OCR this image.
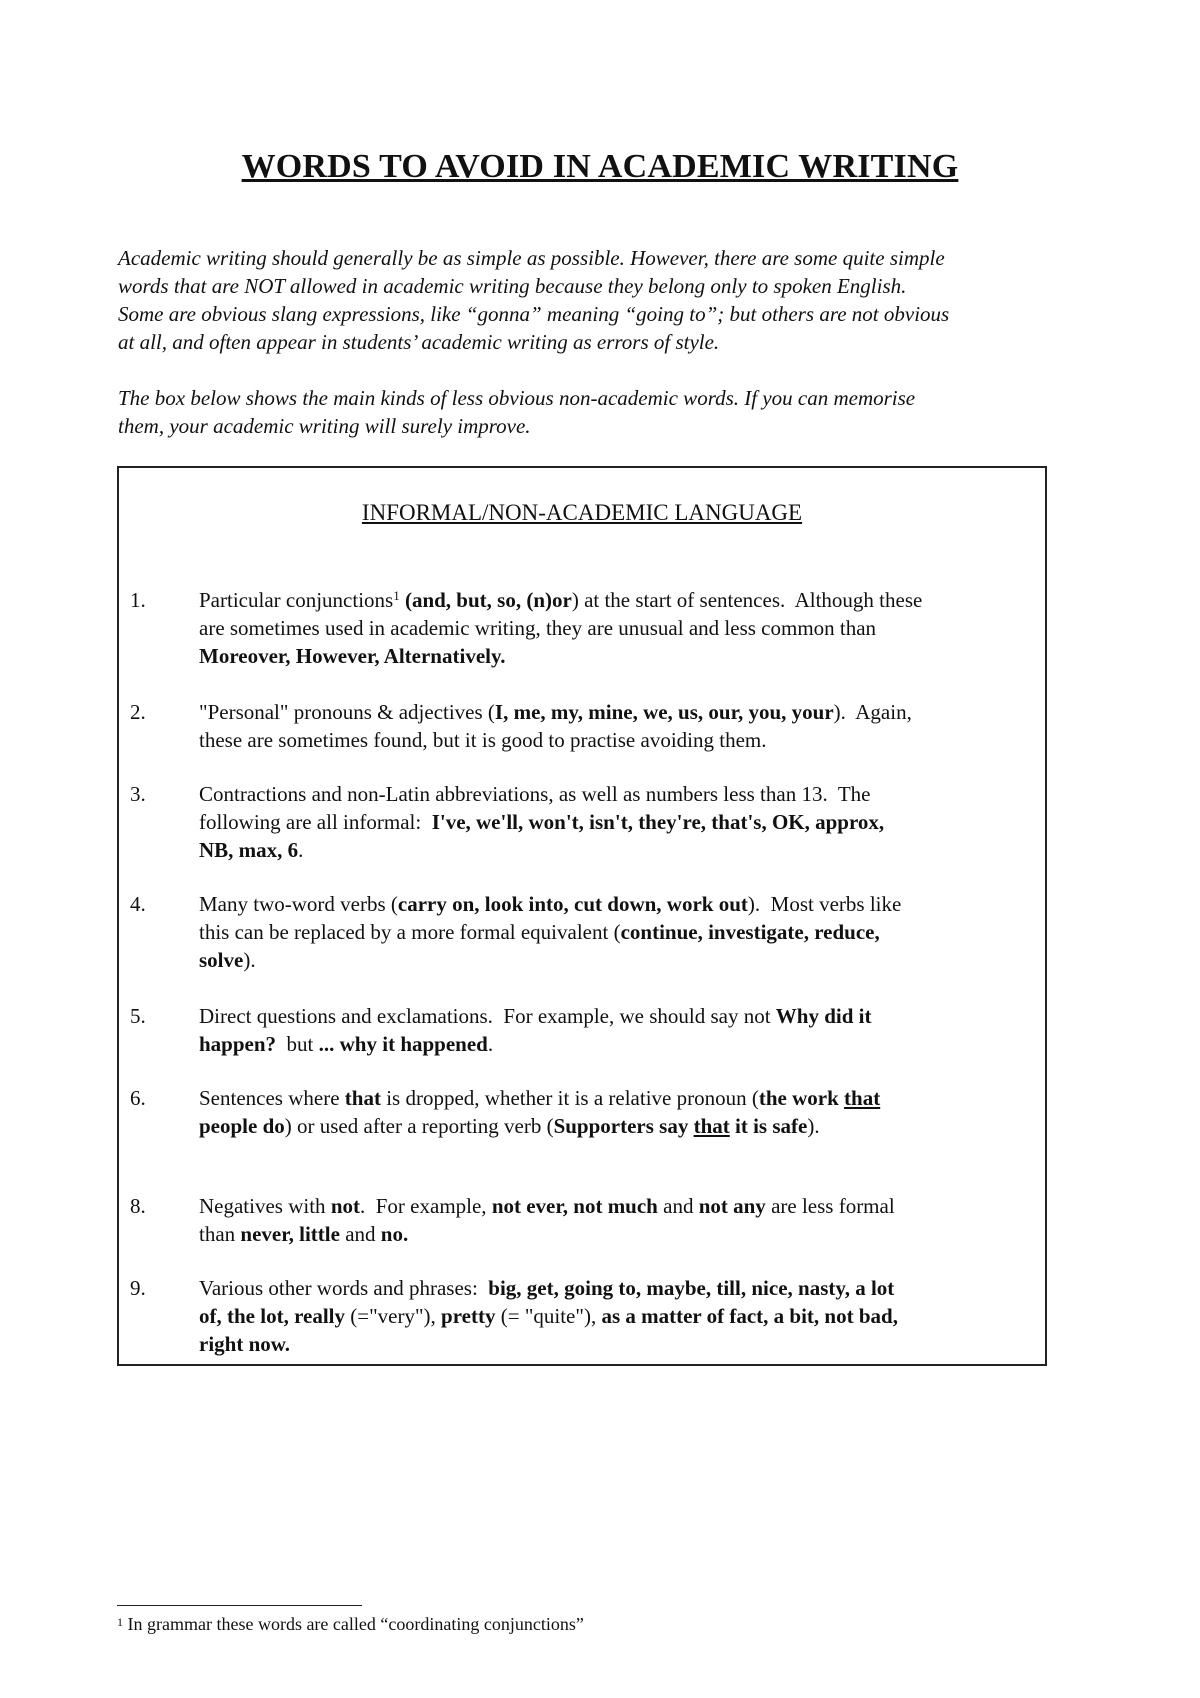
WORDS TO AVOID IN ACADEMIC WRITING
Academic writing should generally be as simple as possible. However, there are some quite simple
words that are NOT allowed in academic writing because they belong only to spoken English.
Some are obvious slang expressions, like “gonna” meaning “going to”; but others are not obvious
at all, and often appear in students’ academic writing as errors of style.
The box below shows the main kinds of less obvious non-academic words. If you can memorise
them, your academic writing will surely improve.
INFORMAL/NON-ACADEMIC LANGUAGE
1.	Particular conjunctions$^1$ (and, but, so, (n)or) at the start of sentences.  Although these
are sometimes used in academic writing, they are unusual and less common than
Moreover, However, Alternatively.
2.	"Personal" pronouns & adjectives (I, me, my, mine, we, us, our, you, your).  Again,
these are sometimes found, but it is good to practise avoiding them.
3.	Contractions and non-Latin abbreviations, as well as numbers less than 13.  The
following are all informal:  I've, we'll, won't, isn't, they're, that's, OK, approx,
NB, max, 6.
4.	Many two-word verbs (carry on, look into, cut down, work out).  Most verbs like
this can be replaced by a more formal equivalent (continue, investigate, reduce,
solve).
5.	Direct questions and exclamations.  For example, we should say not Why did it
happen?  but ... why it happened.
6.	Sentences where that is dropped, whether it is a relative pronoun (the work that
people do) or used after a reporting verb (Supporters say that it is safe).
8.	Negatives with not.  For example, not ever, not much and not any are less formal
than never, little and no.
9.	Various other words and phrases:  big, get, going to, maybe, till, nice, nasty, a lot
of, the lot, really (="very"), pretty (= "quite"), as a matter of fact, a bit, not bad,
right now.
$^1$ In grammar these words are called “coordinating conjunctions”
